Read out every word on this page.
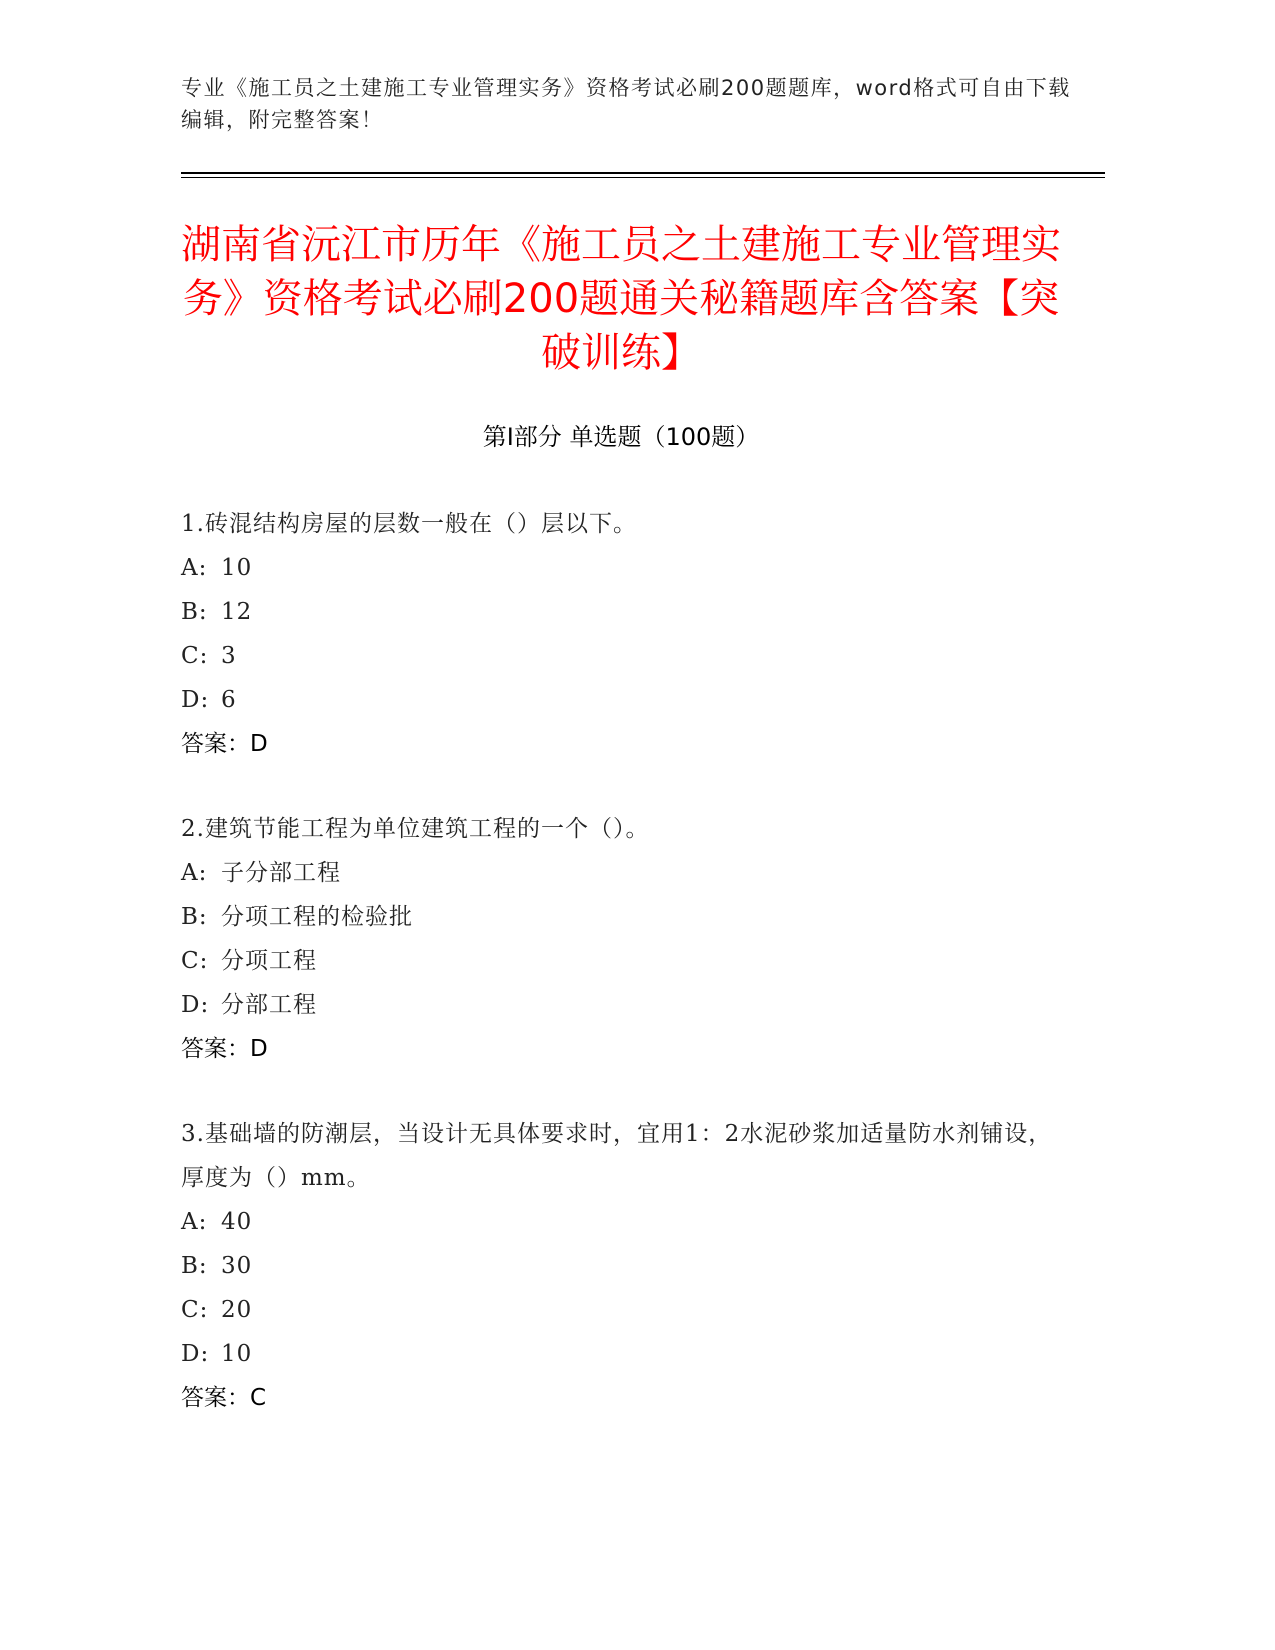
专业《施工员之土建施工专业管理实务》资格考试必刷200题题库，word格式可自由下载编辑，附完整答案！
湖南省沅江市历年《施工员之土建施工专业管理实务》资格考试必刷200题通关秘籍题库含答案【突破训练】
第Ⅰ部分 单选题（100题）
1.砖混结构房屋的层数一般在（）层以下。
A: 10
B: 12
C: 3
D: 6
答案：D
2.建筑节能工程为单位建筑工程的一个（）。
A: 子分部工程
B: 分项工程的检验批
C: 分项工程
D: 分部工程
答案：D
3.基础墙的防潮层，当设计无具体要求时，宜用1：2水泥砂浆加适量防水剂铺设，厚度为（）mm。
A: 40
B: 30
C: 20
D: 10
答案：C
